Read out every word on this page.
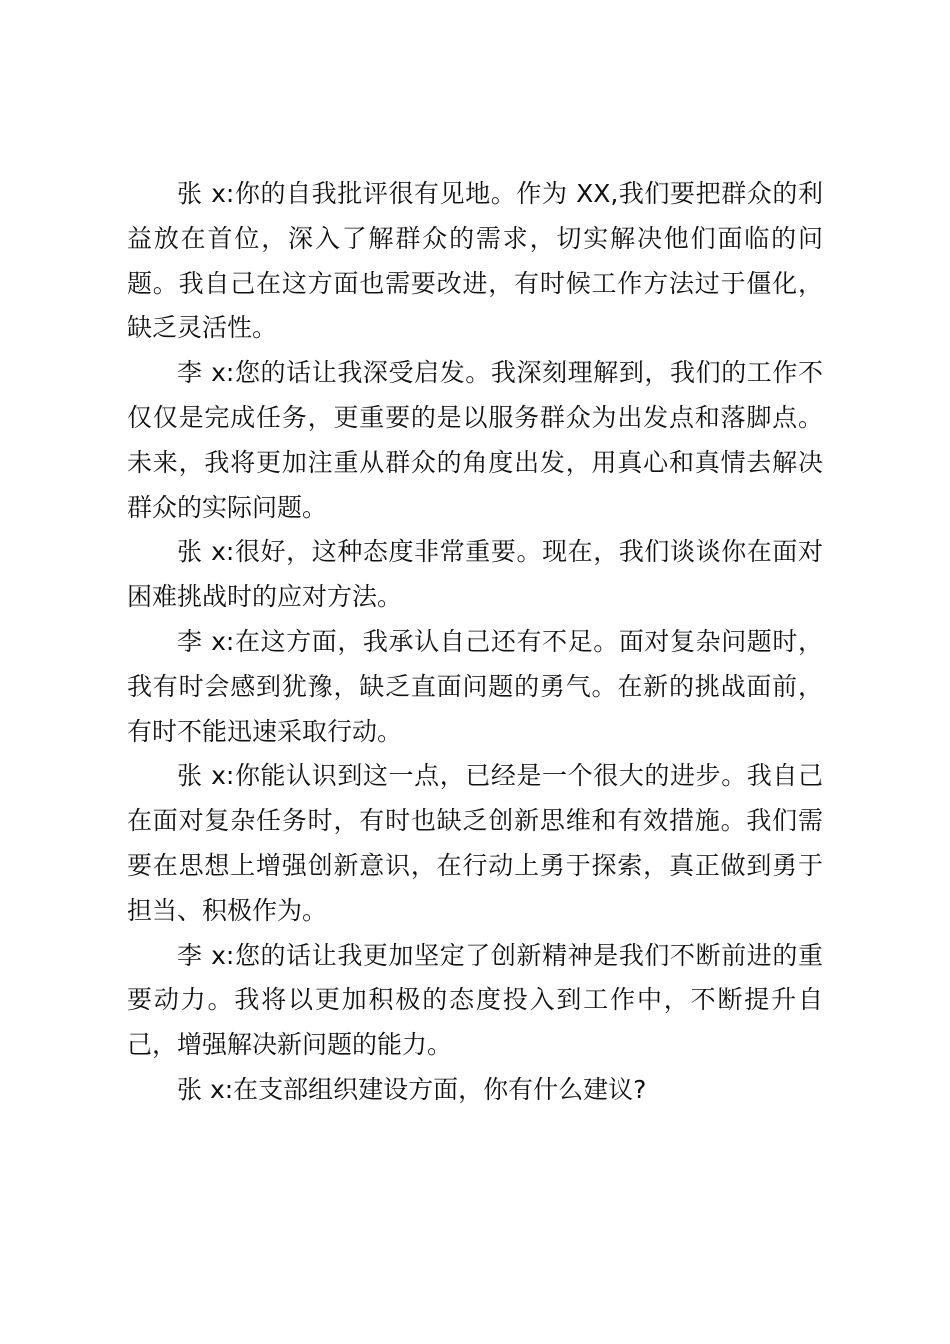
张 x:你的自我批评很有见地。作为 XX,我们要把群众的利益放在首位，深入了解群众的需求，切实解决他们面临的问题。我自己在这方面也需要改进，有时候工作方法过于僵化，缺乏灵活性。

李 x:您的话让我深受启发。我深刻理解到，我们的工作不仅仅是完成任务，更重要的是以服务群众为出发点和落脚点。未来，我将更加注重从群众的角度出发，用真心和真情去解决群众的实际问题。

张 x:很好，这种态度非常重要。现在，我们谈谈你在面对困难挑战时的应对方法。

李 x:在这方面，我承认自己还有不足。面对复杂问题时，我有时会感到犹豫，缺乏直面问题的勇气。在新的挑战面前，有时不能迅速采取行动。

张 x:你能认识到这一点，已经是一个很大的进步。我自己在面对复杂任务时，有时也缺乏创新思维和有效措施。我们需要在思想上增强创新意识，在行动上勇于探索，真正做到勇于担当、积极作为。

李 x:您的话让我更加坚定了创新精神是我们不断前进的重要动力。我将以更加积极的态度投入到工作中，不断提升自己，增强解决新问题的能力。

张 x:在支部组织建设方面，你有什么建议?
